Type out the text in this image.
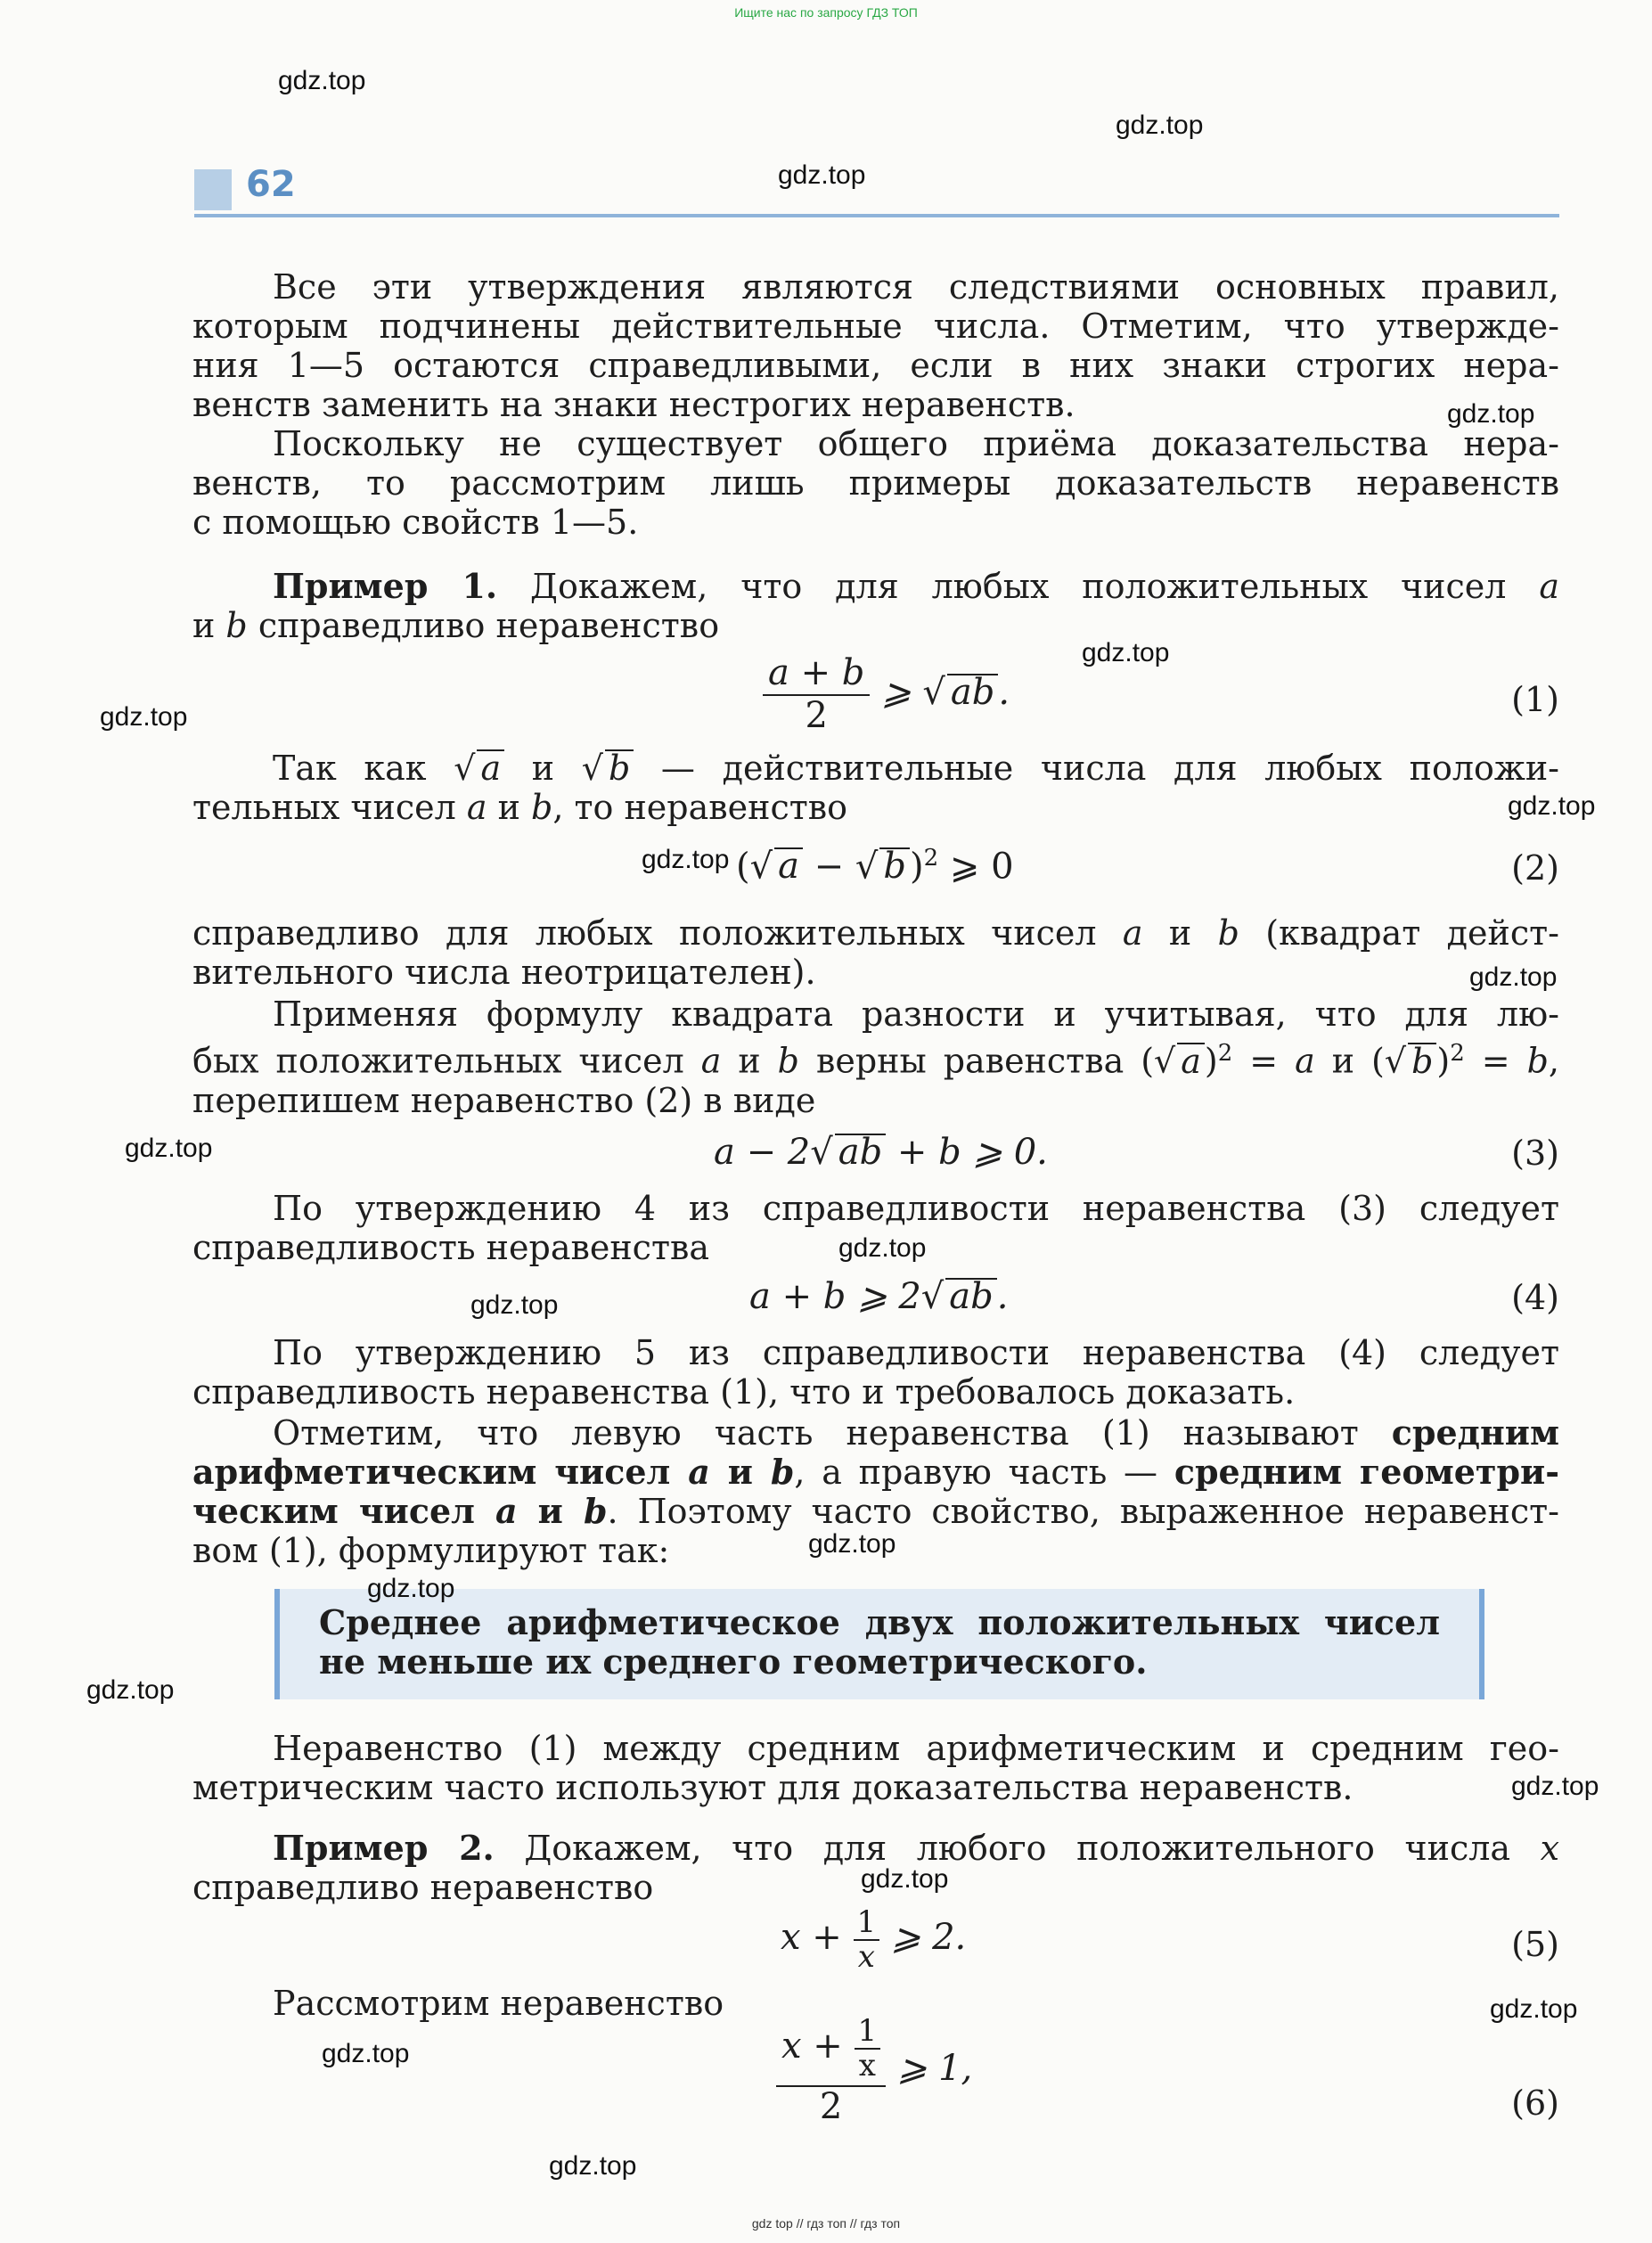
Ищите нас по запросу ГДЗ ТОП
62

Все эти утверждения являются следствиями основных правил,
которым подчинены действительные числа. Отметим, что утвержде-
ния 1—5 остаются справедливыми, если в них знаки строгих нера-
венств заменить на знаки нестрогих неравенств.

Поскольку не существует общего приёма доказательства нера-
венств, то рассмотрим лишь примеры доказательств неравенств
с помощью свойств 1—5.

Пример 1. Докажем, что для любых положительных чисел a
и b справедливо неравенство

$\frac{a + b}{2}$ ⩾ √ ab .	(1)

Так как √ a и √ b — действительные числа для любых положи-
тельных чисел a и b, то неравенство

(√ a − √ b )$^2$ ⩾ 0	(2)

справедливо для любых положительных чисел a и b (квадрат дейст-
вительного числа неотрицателен).

Применяя формулу квадрата разности и учитывая, что для лю-
бых положительных чисел a и b верны равенства (√ a )$^2$ = a и (√ b )$^2$ = b,
перепишем неравенство (2) в виде

a − 2√ ab + b ⩾ 0.	(3)

По утверждению 4 из справедливости неравенства (3) следует
справедливость неравенства

a + b ⩾ 2√ ab .	(4)

По утверждению 5 из справедливости неравенства (4) следует
справедливость неравенства (1), что и требовалось доказать.

Отметим, что левую часть неравенства (1) называют средним
арифметическим чисел a и b, а правую часть — средним геометри-
ческим чисел a и b. Поэтому часто свойство, выраженное неравенст-
вом (1), формулируют так:

Среднее арифметическое двух положительных чисел
не меньше их среднего геометрического.

Неравенство (1) между средним арифметическим и средним гео-
метрическим часто используют для доказательства неравенств.

Пример 2. Докажем, что для любого положительного числа x
справедливо неравенство

$x + \frac{1}{x}$ ⩾ 2.	(5)

Рассмотрим неравенство

$\frac{x + \frac{1}{x}}{2}$ ⩾ 1,
(6)
gdz.top
gdz.top
gdz.top
gdz.top
gdz.top
gdz.top
gdz.top
gdz.top
gdz.top
gdz.top
gdz.top
gdz.top
gdz.top
gdz.top
gdz.top
gdz.top
gdz.top
gdz.top
gdz.top
gdz.top
gdz top // гдз топ // гдз топ
